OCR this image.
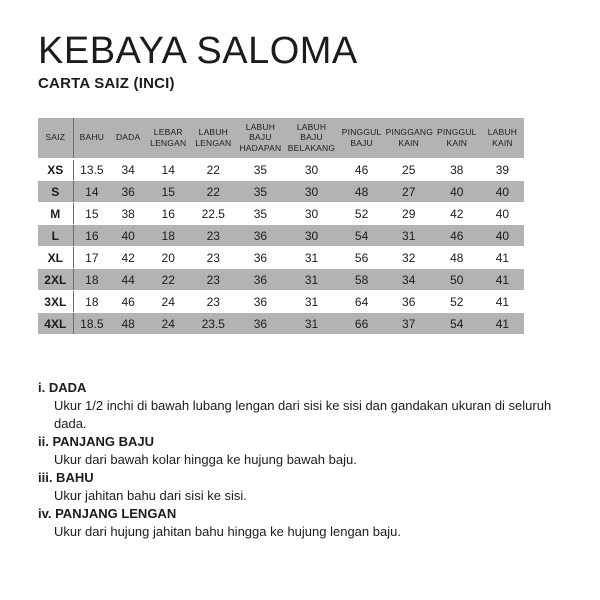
KEBAYA SALOMA
CARTA SAIZ (INCI)
SAIZ	BAHU	DADA	LEBAR LENGAN	LABUH LENGAN	LABUH BAJU HADAPAN	LABUH BAJU BELAKANG	PINGGUL BAJU	PINGGANG KAIN	PINGGUL KAIN	LABUH KAIN
XS	13.5	34	14	22	35	30	46	25	38	39
S	14	36	15	22	35	30	48	27	40	40
M	15	38	16	22.5	35	30	52	29	42	40
L	16	40	18	23	36	30	54	31	46	40
XL	17	42	20	23	36	31	56	32	48	41
2XL	18	44	22	23	36	31	58	34	50	41
3XL	18	46	24	23	36	31	64	36	52	41
4XL	18.5	48	24	23.5	36	31	66	37	54	41

i. DADA

Ukur 1/2 inchi di bawah lubang lengan dari sisi ke sisi dan gandakan ukuran di seluruh dada.

ii. PANJANG BAJU

Ukur dari bawah kolar hingga ke hujung bawah baju.

iii. BAHU

Ukur jahitan bahu dari sisi ke sisi.

iv. PANJANG LENGAN

Ukur dari hujung jahitan bahu hingga ke hujung lengan baju.
